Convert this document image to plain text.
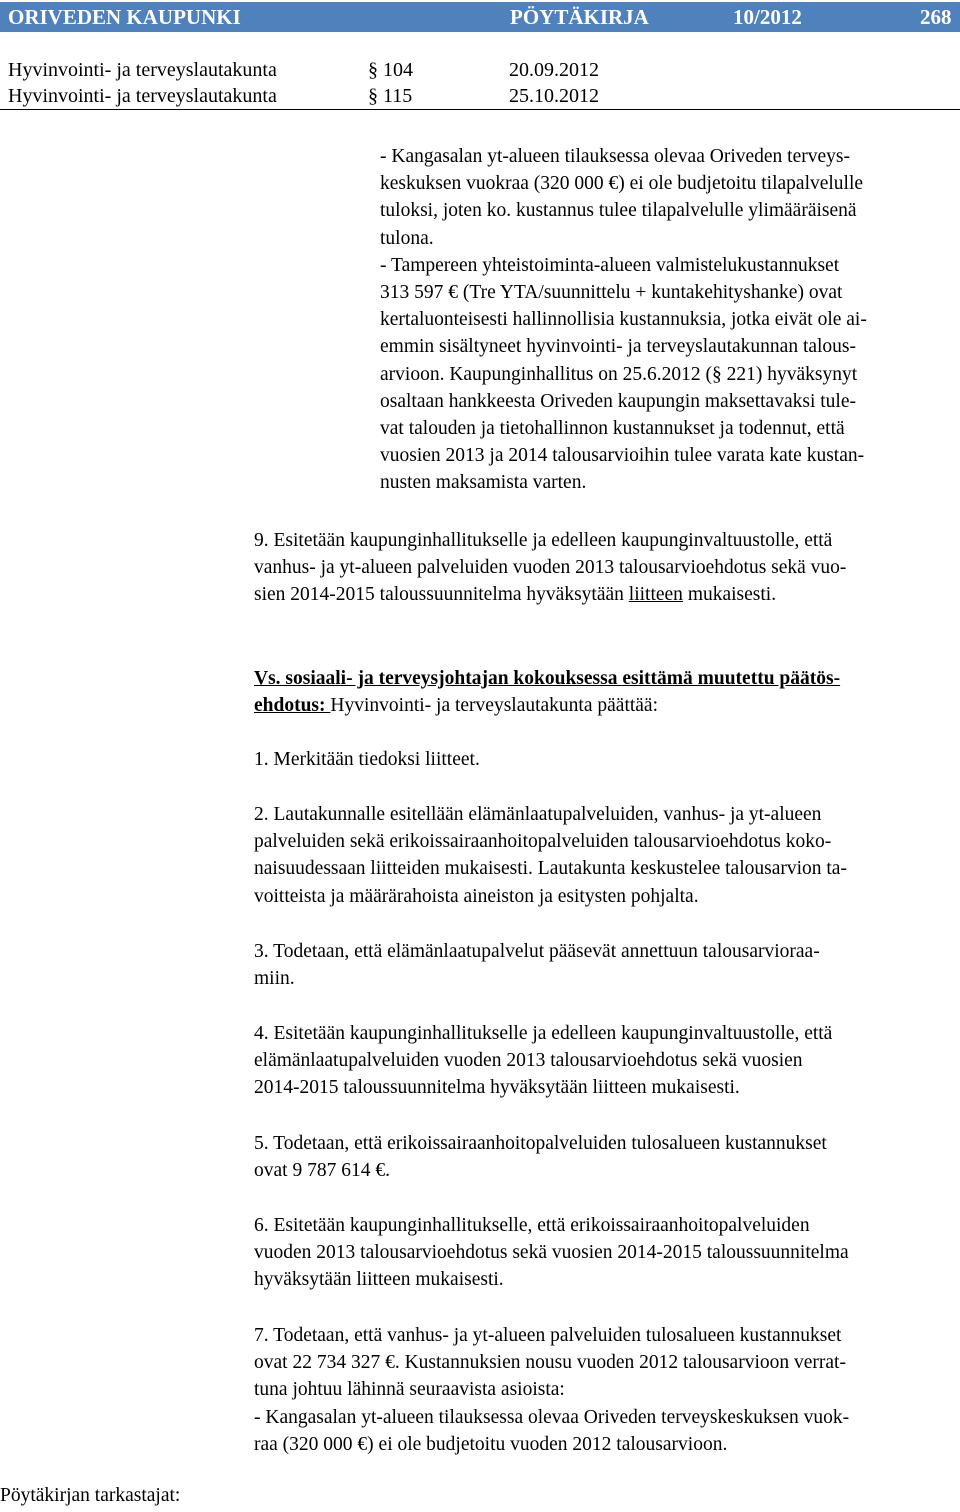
ORIVEDEN KAUPUNKI	PÖYTÄKIRJA	10/2012	268
Hyvinvointi- ja terveyslautakunta	§ 104	20.09.2012
Hyvinvointi- ja terveyslautakunta	§ 115	25.10.2012
- Kangasalan yt-alueen tilauksessa olevaa Oriveden terveys-
keskuksen vuokraa (320 000 €) ei ole budjetoitu tilapalvelulle
tuloksi, joten ko. kustannus tulee tilapalvelulle ylimääräisenä
tulona.
- Tampereen yhteistoiminta-alueen valmistelukustannukset
313 597 € (Tre YTA/suunnittelu + kuntakehityshanke) ovat
kertaluonteisesti hallinnollisia kustannuksia, jotka eivät ole ai-
emmin sisältyneet hyvinvointi- ja terveyslautakunnan talous-
arvioon. Kaupunginhallitus on 25.6.2012 (§ 221) hyväksynyt
osaltaan hankkeesta Oriveden kaupungin maksettavaksi tule-
vat talouden ja tietohallinnon kustannukset ja todennut, että
vuosien 2013 ja 2014 talousarvioihin tulee varata kate kustan-
nusten maksamista varten.
9. Esitetään kaupunginhallitukselle ja edelleen kaupunginvaltuustolle, että
vanhus- ja yt-alueen palveluiden vuoden 2013 talousarvioehdotus sekä vuo-
sien 2014-2015 taloussuunnitelma hyväksytään liitteen mukaisesti.
Vs. sosiaali- ja terveysjohtajan kokouksessa esittämä muutettu päätös-
ehdotus: Hyvinvointi- ja terveyslautakunta päättää:
1. Merkitään tiedoksi liitteet.
2. Lautakunnalle esitellään elämänlaatupalveluiden, vanhus- ja yt-alueen
palveluiden sekä erikoissairaanhoitopalveluiden talousarvioehdotus koko-
naisuudessaan liitteiden mukaisesti. Lautakunta keskustelee talousarvion ta-
voitteista ja määrärahoista aineiston ja esitysten pohjalta.
3. Todetaan, että elämänlaatupalvelut pääsevät annettuun talousarvioraa-
miin.
4. Esitetään kaupunginhallitukselle ja edelleen kaupunginvaltuustolle, että
elämänlaatupalveluiden vuoden 2013 talousarvioehdotus sekä vuosien
2014-2015 taloussuunnitelma hyväksytään liitteen mukaisesti.
5. Todetaan, että erikoissairaanhoitopalveluiden tulosalueen kustannukset
ovat 9 787 614 €.
6. Esitetään kaupunginhallitukselle, että erikoissairaanhoitopalveluiden
vuoden 2013 talousarvioehdotus sekä vuosien 2014-2015 taloussuunnitelma
hyväksytään liitteen mukaisesti.
7. Todetaan, että vanhus- ja yt-alueen palveluiden tulosalueen kustannukset
ovat 22 734 327 €. Kustannuksien nousu vuoden 2012 talousarvioon verrat-
tuna johtuu lähinnä seuraavista asioista:
- Kangasalan yt-alueen tilauksessa olevaa Oriveden terveyskeskuksen vuok-
raa (320 000 €) ei ole budjetoitu vuoden 2012 talousarvioon.
Pöytäkirjan tarkastajat:
